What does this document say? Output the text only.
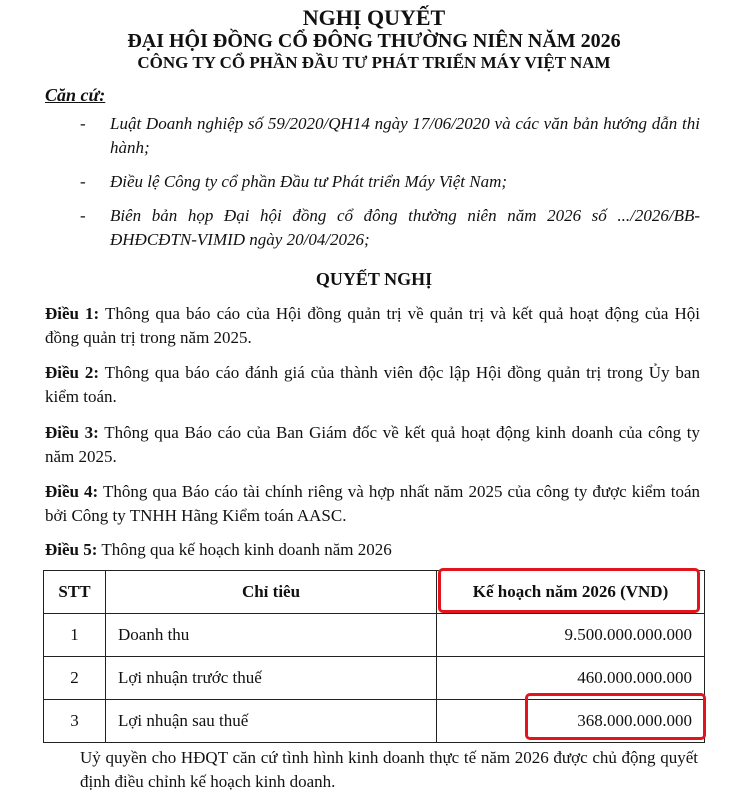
NGHỊ QUYẾT
ĐẠI HỘI ĐỒNG CỔ ĐÔNG THƯỜNG NIÊN NĂM 2026
CÔNG TY CỔ PHẦN ĐẦU TƯ PHÁT TRIỂN MÁY VIỆT NAM
Căn cứ:
- Luật Doanh nghiệp số 59/2020/QH14 ngày 17/06/2020 và các văn bản hướng dẫn thi hành;
- Điều lệ Công ty cổ phần Đầu tư Phát triển Máy Việt Nam;
- Biên bản họp Đại hội đồng cổ đông thường niên năm 2026 số .../2026/BB-ĐHĐCĐTN-VIMID ngày 20/04/2026;
QUYẾT NGHỊ
Điều 1: Thông qua báo cáo của Hội đồng quản trị về quản trị và kết quả hoạt động của Hội đồng quản trị trong năm 2025.
Điều 2: Thông qua báo cáo đánh giá của thành viên độc lập Hội đồng quản trị trong Ủy ban kiểm toán.
Điều 3: Thông qua Báo cáo của Ban Giám đốc về kết quả hoạt động kinh doanh của công ty năm 2025.
Điều 4: Thông qua Báo cáo tài chính riêng và hợp nhất năm 2025 của công ty được kiểm toán bởi Công ty TNHH Hãng Kiểm toán AASC.
Điều 5: Thông qua kế hoạch kinh doanh năm 2026
STT	Chỉ tiêu	Kế hoạch năm 2026 (VND)
1	Doanh thu	9.500.000.000.000
2	Lợi nhuận trước thuế	460.000.000.000
3	Lợi nhuận sau thuế	368.000.000.000
Uỷ quyền cho HĐQT căn cứ tình hình kinh doanh thực tế năm 2026 được chủ động quyết định điều chỉnh kế hoạch kinh doanh.
